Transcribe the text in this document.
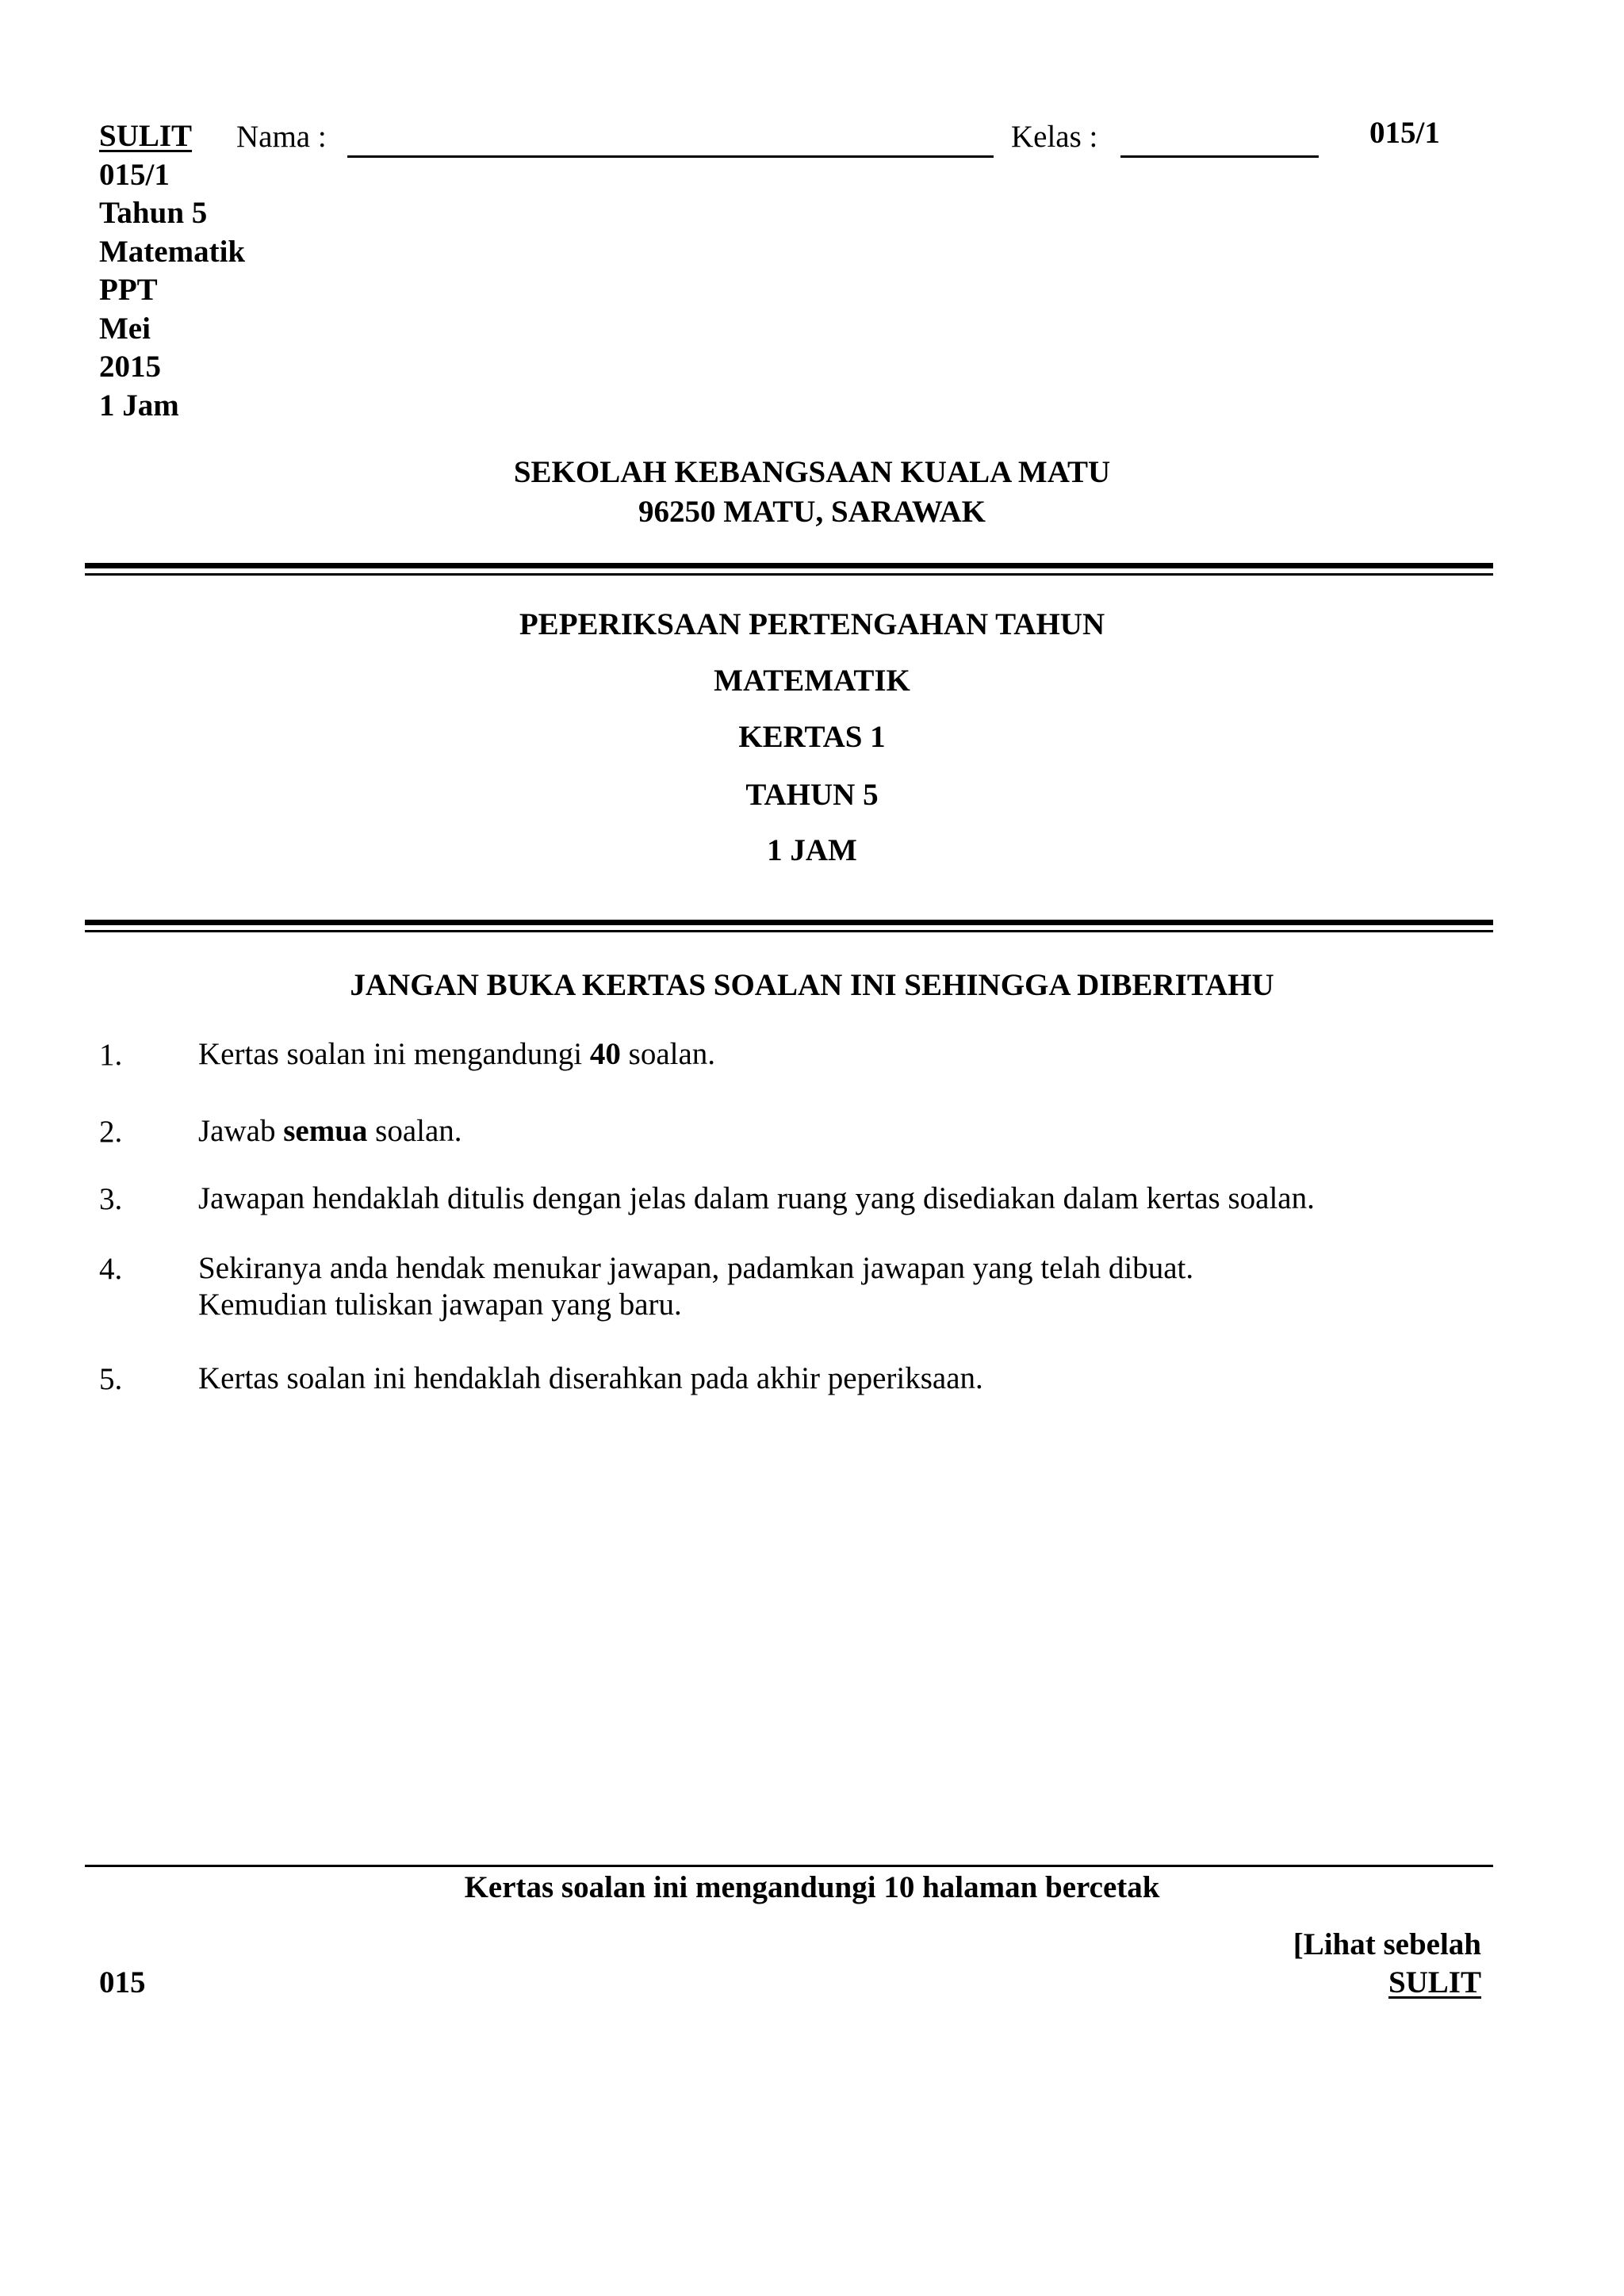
SULIT
015/1
Tahun 5
Matematik
PPT
Mei
2015
1 Jam
Nama :	Kelas :	015/1
SEKOLAH KEBANGSAAN KUALA MATU
96250 MATU, SARAWAK
PEPERIKSAAN PERTENGAHAN TAHUN
MATEMATIK
KERTAS 1
TAHUN 5
1 JAM
JANGAN BUKA KERTAS SOALAN INI SEHINGGA DIBERITAHU
1. Kertas soalan ini mengandungi 40 soalan.
2. Jawab semua soalan.
3. Jawapan hendaklah ditulis dengan jelas dalam ruang yang disediakan dalam kertas soalan.
4. Sekiranya anda hendak menukar jawapan, padamkan jawapan yang telah dibuat.
Kemudian tuliskan jawapan yang baru.
5. Kertas soalan ini hendaklah diserahkan pada akhir peperiksaan.
Kertas soalan ini mengandungi 10 halaman bercetak
[Lihat sebelah
SULIT
015
